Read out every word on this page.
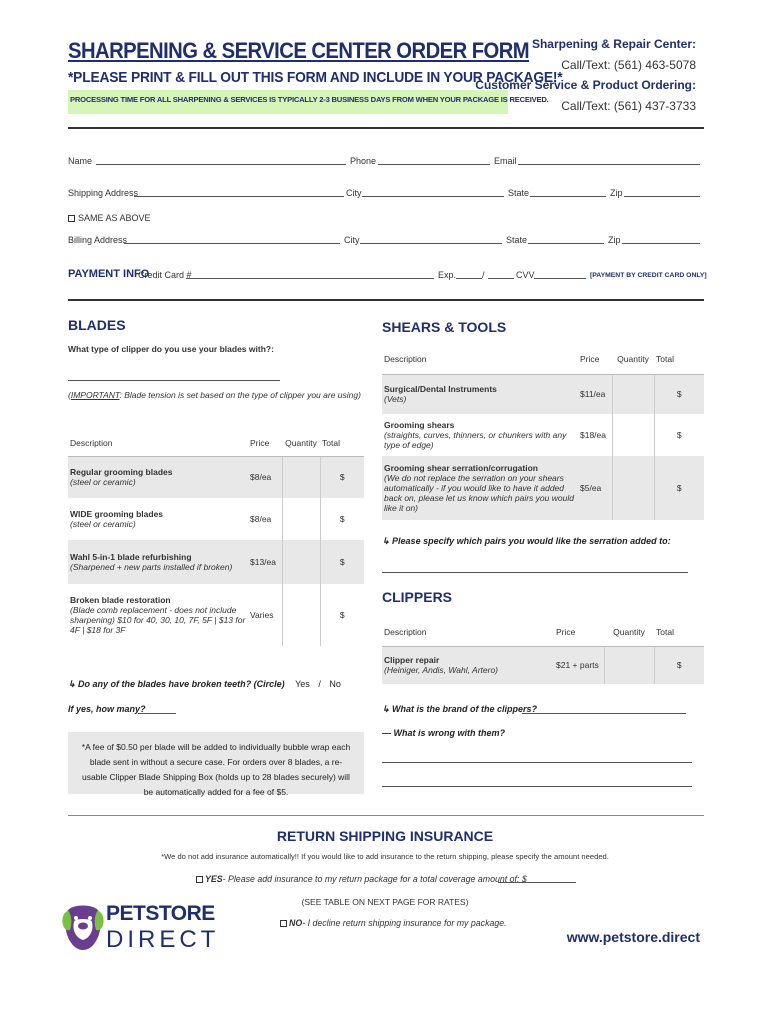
SHARPENING & SERVICE CENTER ORDER FORM
*PLEASE PRINT & FILL OUT THIS FORM AND INCLUDE IN YOUR PACKAGE!*
PROCESSING TIME FOR ALL SHARPENING & SERVICES IS TYPICALLY 2-3 BUSINESS DAYS FROM WHEN YOUR PACKAGE IS RECEIVED.
Sharpening & Repair Center:
Call/Text: (561) 463-5078
Customer Service & Product Ordering:
Call/Text: (561) 437-3733
Name	Phone	Email
Shipping Address	City	State	Zip
SAME AS ABOVE
Billing Address	City	State	Zip
PAYMENT INFO
Credit Card #	Exp.	/	CVV	[PAYMENT BY CREDIT CARD ONLY]
BLADES
What type of clipper do you use your blades with?:
(IMPORTANT: Blade tension is set based on the type of clipper you are using)
Description	Price	Quantity	Total

Regular grooming blades
(steel or ceramic)	$8/ea		$

WIDE grooming blades
(steel or ceramic)	$8/ea		$

Wahl 5-in-1 blade refurbishing
(Sharpened + new parts installed if broken)	$13/ea		$

Broken blade restoration
(Blade comb replacement - does not include sharpening) $10 for 40, 30, 10, 7F, 5F | $13 for 4F | $18 for 3F	Varies		$
↳ Do any of the blades have broken teeth? (Circle) Yes / No
If yes, how many?
*A fee of $0.50 per blade will be added to individually bubble wrap each blade sent in without a secure case. For orders over 8 blades, a re-usable Clipper Blade Shipping Box (holds up to 28 blades securely) will be automatically added for a fee of $5.
SHEARS & TOOLS
Description	Price	Quantity	Total

Surgical/Dental Instruments
(Vets)	$11/ea		$

Grooming shears
(straights, curves, thinners, or chunkers with any type of edge)	$18/ea		$

Grooming shear serration/corrugation
(We do not replace the serration on your shears automatically - if you would like to have it added back on, please let us know which pairs you would like it on)	$5/ea		$
↳ Please specify which pairs you would like the serration added to:
CLIPPERS
Description	Price	Quantity	Total

Clipper repair
(Heiniger, Andis, Wahl, Artero)	$21 + parts		$
↳ What is the brand of the clippers?
— What is wrong with them?
RETURN SHIPPING INSURANCE
*We do not add insurance automatically!! If you would like to add insurance to the return shipping, please specify the amount needed.
YES- Please add insurance to my return package for a total coverage amount of: $
(SEE TABLE ON NEXT PAGE FOR RATES)
NO- I decline return shipping insurance for my package.
PETSTORE
DIRECT	www.petstore.direct
